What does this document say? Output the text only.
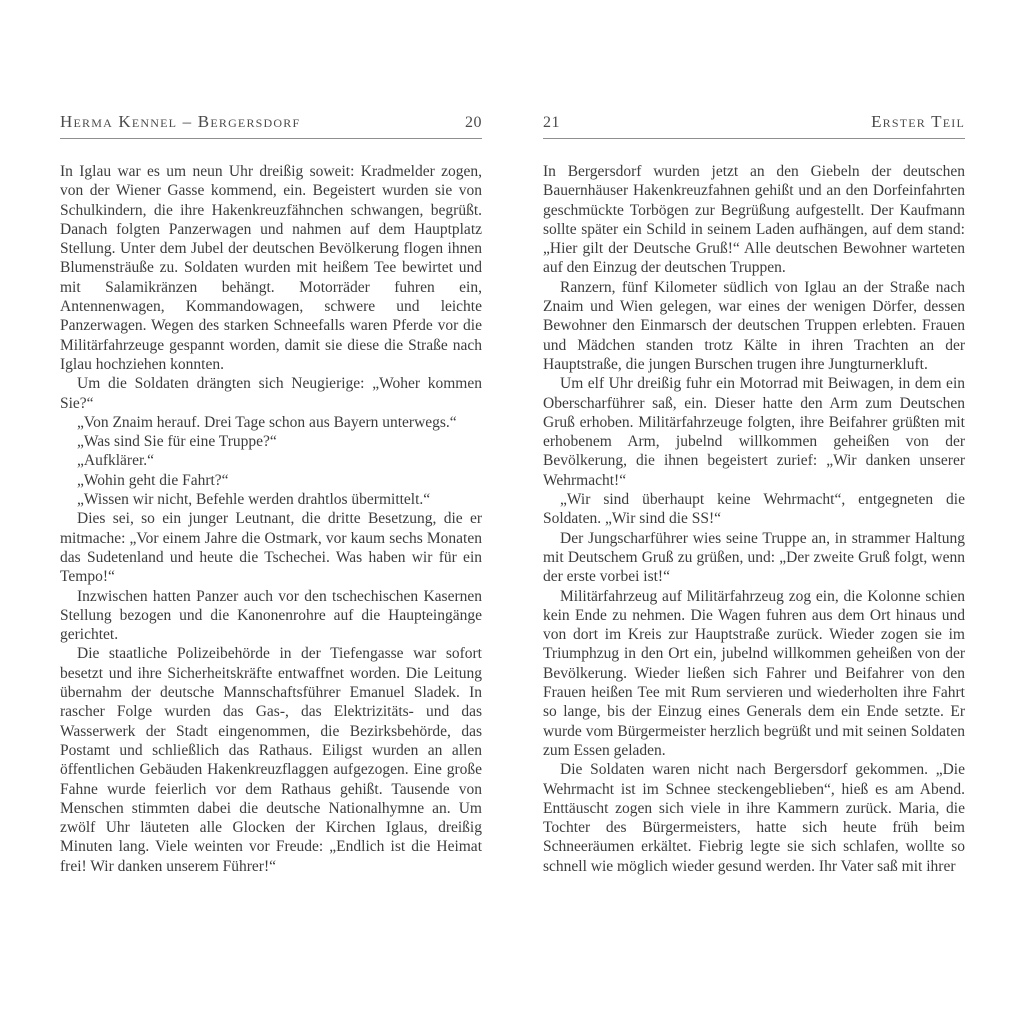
Herma Kennel – Bergersdorf	20

In Iglau war es um neun Uhr dreißig soweit: Kradmelder zogen, von der Wiener Gasse kommend, ein. Begeistert wurden sie von Schulkindern, die ihre Hakenkreuzfähnchen schwangen, begrüßt. Danach folgten Panzerwagen und nahmen auf dem Hauptplatz Stellung. Unter dem Jubel der deutschen Bevölkerung flogen ihnen Blumensträuße zu. Soldaten wurden mit heißem Tee bewirtet und mit Salamikränzen behängt. Motorräder fuhren ein, Antennenwagen, Kommandowagen, schwere und leichte Panzerwagen. Wegen des starken Schneefalls waren Pferde vor die Militärfahrzeuge gespannt worden, damit sie diese die Straße nach Iglau hochziehen konnten.

Um die Soldaten drängten sich Neugierige: „Woher kommen Sie?“

„Von Znaim herauf. Drei Tage schon aus Bayern unterwegs.“

„Was sind Sie für eine Truppe?“

„Aufklärer.“

„Wohin geht die Fahrt?“

„Wissen wir nicht, Befehle werden drahtlos übermittelt.“

Dies sei, so ein junger Leutnant, die dritte Besetzung, die er mitmache: „Vor einem Jahre die Ostmark, vor kaum sechs Monaten das Sudetenland und heute die Tschechei. Was haben wir für ein Tempo!“

Inzwischen hatten Panzer auch vor den tschechischen Kasernen Stellung bezogen und die Kanonenrohre auf die Haupteingänge gerichtet.

Die staatliche Polizeibehörde in der Tiefengasse war sofort besetzt und ihre Sicherheitskräfte entwaffnet worden. Die Leitung übernahm der deutsche Mannschaftsführer Emanuel Sladek. In rascher Folge wurden das Gas-, das Elektrizitäts- und das Wasserwerk der Stadt eingenommen, die Bezirksbehörde, das Postamt und schließlich das Rathaus. Eiligst wurden an allen öffentlichen Gebäuden Hakenkreuzflaggen aufgezogen. Eine große Fahne wurde feierlich vor dem Rathaus gehißt. Tausende von Menschen stimmten dabei die deutsche Nationalhymne an. Um zwölf Uhr läuteten alle Glocken der Kirchen Iglaus, dreißig Minuten lang. Viele weinten vor Freude: „Endlich ist die Heimat frei! Wir danken unserem Führer!“

21	Erster Teil

In Bergersdorf wurden jetzt an den Giebeln der deutschen Bauernhäuser Hakenkreuzfahnen gehißt und an den Dorfeinfahrten geschmückte Torbögen zur Begrüßung aufgestellt. Der Kaufmann sollte später ein Schild in seinem Laden aufhängen, auf dem stand: „Hier gilt der Deutsche Gruß!“ Alle deutschen Bewohner warteten auf den Einzug der deutschen Truppen.

Ranzern, fünf Kilometer südlich von Iglau an der Straße nach Znaim und Wien gelegen, war eines der wenigen Dörfer, dessen Bewohner den Einmarsch der deutschen Truppen erlebten. Frauen und Mädchen standen trotz Kälte in ihren Trachten an der Hauptstraße, die jungen Burschen trugen ihre Jungturnerkluft.

Um elf Uhr dreißig fuhr ein Motorrad mit Beiwagen, in dem ein Oberscharführer saß, ein. Dieser hatte den Arm zum Deutschen Gruß erhoben. Militärfahrzeuge folgten, ihre Beifahrer grüßten mit erhobenem Arm, jubelnd willkommen geheißen von der Bevölkerung, die ihnen begeistert zurief: „Wir danken unserer Wehrmacht!“

„Wir sind überhaupt keine Wehrmacht“, entgegneten die Soldaten. „Wir sind die SS!“

Der Jungscharführer wies seine Truppe an, in strammer Haltung mit Deutschem Gruß zu grüßen, und: „Der zweite Gruß folgt, wenn der erste vorbei ist!“

Militärfahrzeug auf Militärfahrzeug zog ein, die Kolonne schien kein Ende zu nehmen. Die Wagen fuhren aus dem Ort hinaus und von dort im Kreis zur Hauptstraße zurück. Wieder zogen sie im Triumphzug in den Ort ein, jubelnd willkommen geheißen von der Bevölkerung. Wieder ließen sich Fahrer und Beifahrer von den Frauen heißen Tee mit Rum servieren und wiederholten ihre Fahrt so lange, bis der Einzug eines Generals dem ein Ende setzte. Er wurde vom Bürgermeister herzlich begrüßt und mit seinen Soldaten zum Essen geladen.

Die Soldaten waren nicht nach Bergersdorf gekommen. „Die Wehrmacht ist im Schnee steckengeblieben“, hieß es am Abend. Enttäuscht zogen sich viele in ihre Kammern zurück. Maria, die Tochter des Bürgermeisters, hatte sich heute früh beim Schneeräumen erkältet. Fiebrig legte sie sich schlafen, wollte so schnell wie möglich wieder gesund werden. Ihr Vater saß mit ihrer
